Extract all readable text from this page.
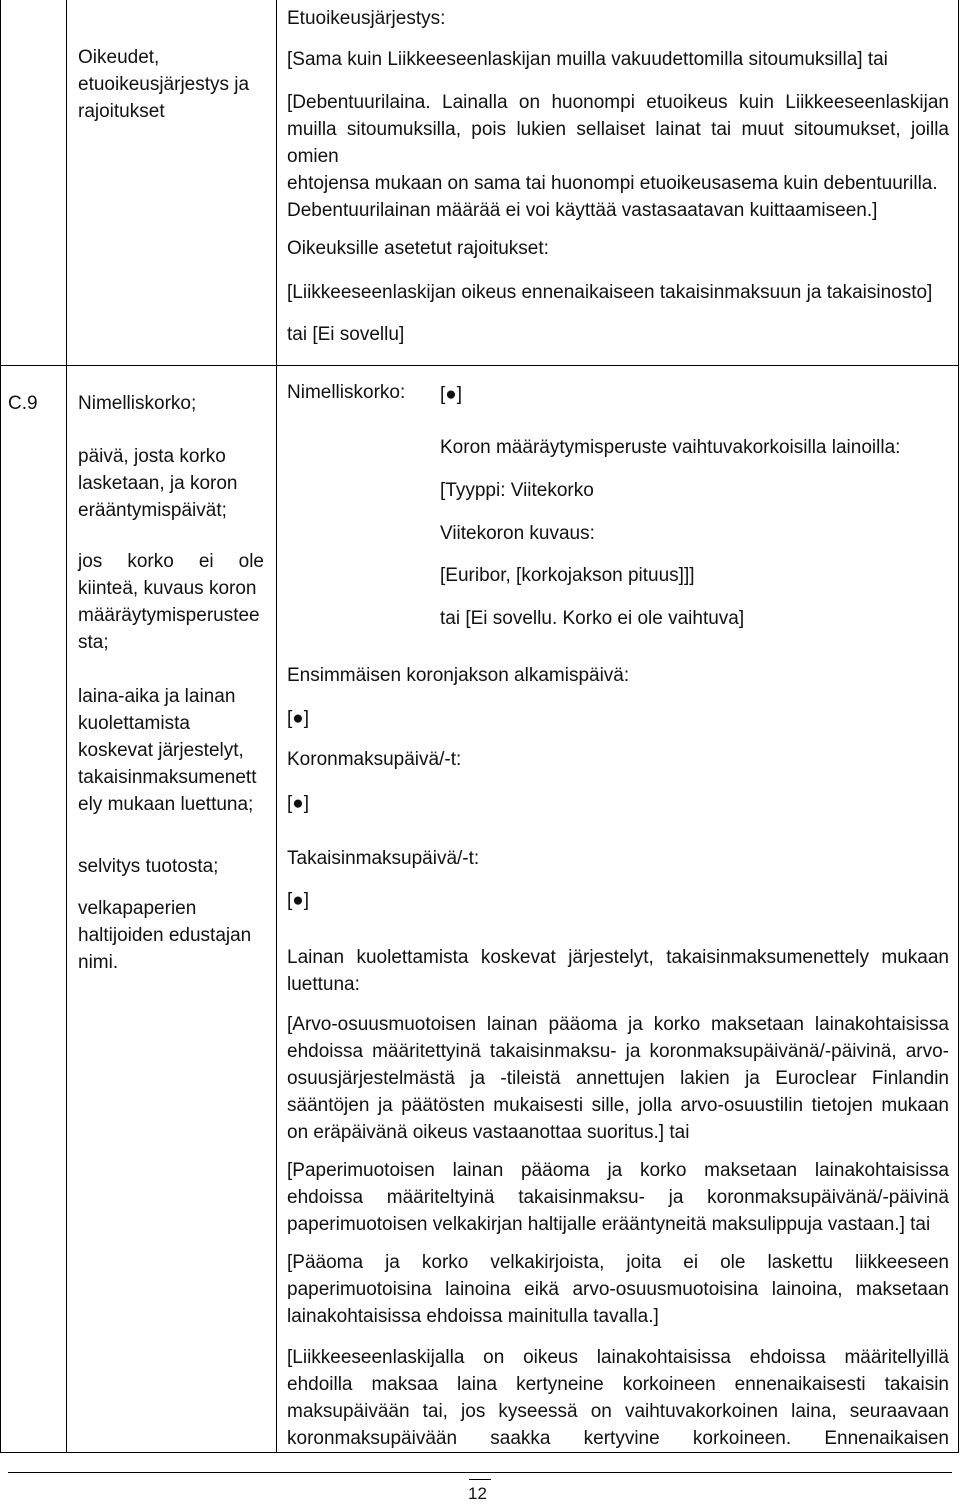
Oikeudet,
etuoikeusjärjestys ja
rajoitukset
Etuoikeusjärjestys:
[Sama kuin Liikkeeseenlaskijan muilla vakuudettomilla sitoumuksilla] tai
[Debentuurilaina. Lainalla on huonompi etuoikeus kuin Liikkeeseenlaskijan
muilla sitoumuksilla, pois lukien sellaiset lainat tai muut sitoumukset, joilla omien
ehtojensa mukaan on sama tai huonompi etuoikeusasema kuin debentuurilla.
Debentuurilainan määrää ei voi käyttää vastasaatavan kuittaamiseen.]
Oikeuksille asetetut rajoitukset:
[Liikkeeseenlaskijan oikeus ennenaikaiseen takaisinmaksuun ja takaisinosto]
tai [Ei sovellu]
C.9 Nimelliskorko;
päivä, josta korko
lasketaan, ja koron
erääntymispäivät;
jos korko ei ole
kiinteä, kuvaus koron
määräytymisperustee
sta;
laina-aika ja lainan
kuolettamista
koskevat järjestelyt,
takaisinmaksumenett
ely mukaan luettuna;
selvitys tuotosta;
velkapaperien
haltijoiden edustajan
nimi.
Nimelliskorko:	[●]
Koron määräytymisperuste vaihtuvakorkoisilla lainoilla:
[Tyyppi: Viitekorko
Viitekoron kuvaus:
[Euribor, [korkojakson pituus]]]
tai [Ei sovellu. Korko ei ole vaihtuva]
Ensimmäisen koronjakson alkamispäivä:
[●]
Koronmaksupäivä/-t:
[●]
Takaisinmaksupäivä/-t:
[●]
Lainan kuolettamista koskevat järjestelyt, takaisinmaksumenettely mukaan
luettuna:
[Arvo-osuusmuotoisen lainan pääoma ja korko maksetaan lainakohtaisissa
ehdoissa määritettyinä takaisinmaksu- ja koronmaksupäivänä/-päivinä, arvo-
osuusjärjestelmästä ja -tileistä annettujen lakien ja Euroclear Finlandin
sääntöjen ja päätösten mukaisesti sille, jolla arvo-osuustilin tietojen mukaan
on eräpäivänä oikeus vastaanottaa suoritus.] tai
[Paperimuotoisen lainan pääoma ja korko maksetaan lainakohtaisissa
ehdoissa määriteltyinä takaisinmaksu- ja koronmaksupäivänä/-päivinä
paperimuotoisen velkakirjan haltijalle erääntyneitä maksulippuja vastaan.] tai
[Pääoma ja korko velkakirjoista, joita ei ole laskettu liikkeeseen
paperimuotoisina lainoina eikä arvo-osuusmuotoisina lainoina, maksetaan
lainakohtaisissa ehdoissa mainitulla tavalla.]
[Liikkeeseenlaskijalla on oikeus lainakohtaisissa ehdoissa määritellyillä
ehdoilla maksaa laina kertyneine korkoineen ennenaikaisesti takaisin
maksupäivään tai, jos kyseessä on vaihtuvakorkoinen laina, seuraavaan
koronmaksupäivään saakka kertyvine korkoineen. Ennenaikaisen
12
